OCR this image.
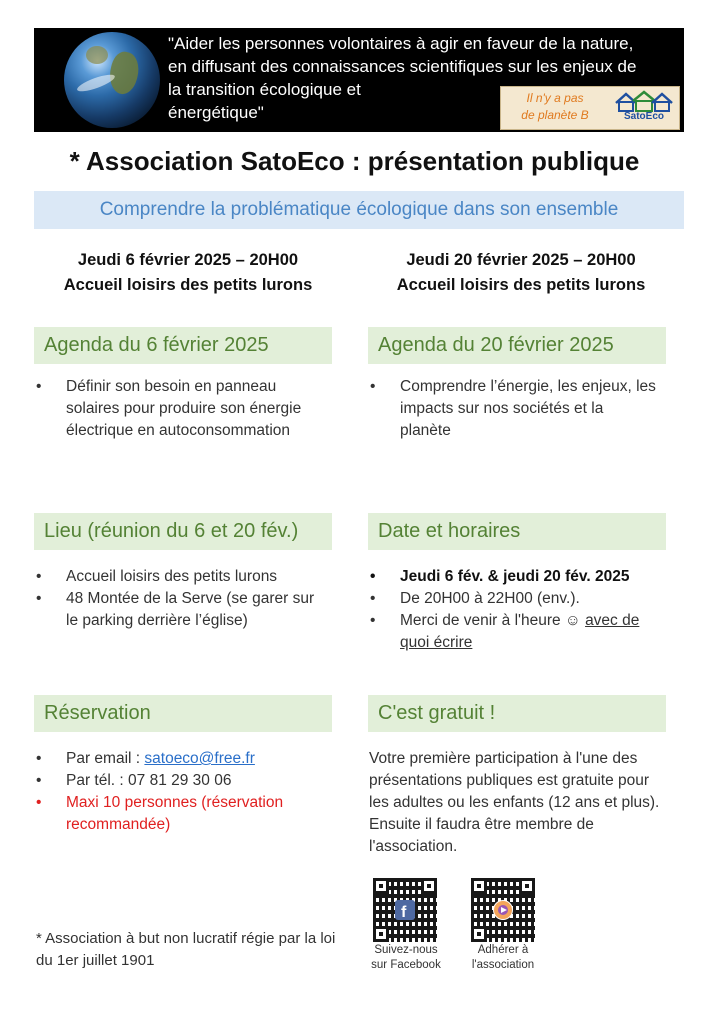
"Aider les personnes volontaires à agir en faveur de la nature,
en diffusant des connaissances scientifiques sur les enjeux de
la transition écologique et
énergétique"
Il n'y a pas
de planète B	SatoEco
* Association SatoEco : présentation publique
Comprendre la problématique écologique dans son ensemble
Jeudi 6 février 2025 – 20H00
Accueil loisirs des petits lurons
Jeudi 20 février 2025 – 20H00
Accueil loisirs des petits lurons
Agenda du 6 février 2025	Agenda du 20 février 2025
• Définir son besoin en panneau solaires pour produire son énergie électrique en autoconsommation
• Comprendre l’énergie, les enjeux, les impacts sur nos sociétés et la planète
Lieu (réunion du 6 et 20 fév.)	Date et horaires
• Accueil loisirs des petits lurons
• 48 Montée de la Serve (se garer sur le parking derrière l’église)
• Jeudi 6 fév. & jeudi 20 fév. 2025
• De 20H00 à 22H00 (env.).
• Merci de venir à l'heure ☺ avec de quoi écrire
Réservation	C'est gratuit !
• Par email : satoeco@free.fr
• Par tél. : 07 81 29 30 06
• Maxi 10 personnes (réservation recommandée)
Votre première participation à l'une des présentations publiques est gratuite pour les adultes ou les enfants (12 ans et plus). Ensuite il faudra être membre de l'association.
f
Suivez-nous
sur Facebook
Adhérer à
l'association
* Association à but non lucratif régie par la loi du 1er juillet 1901
